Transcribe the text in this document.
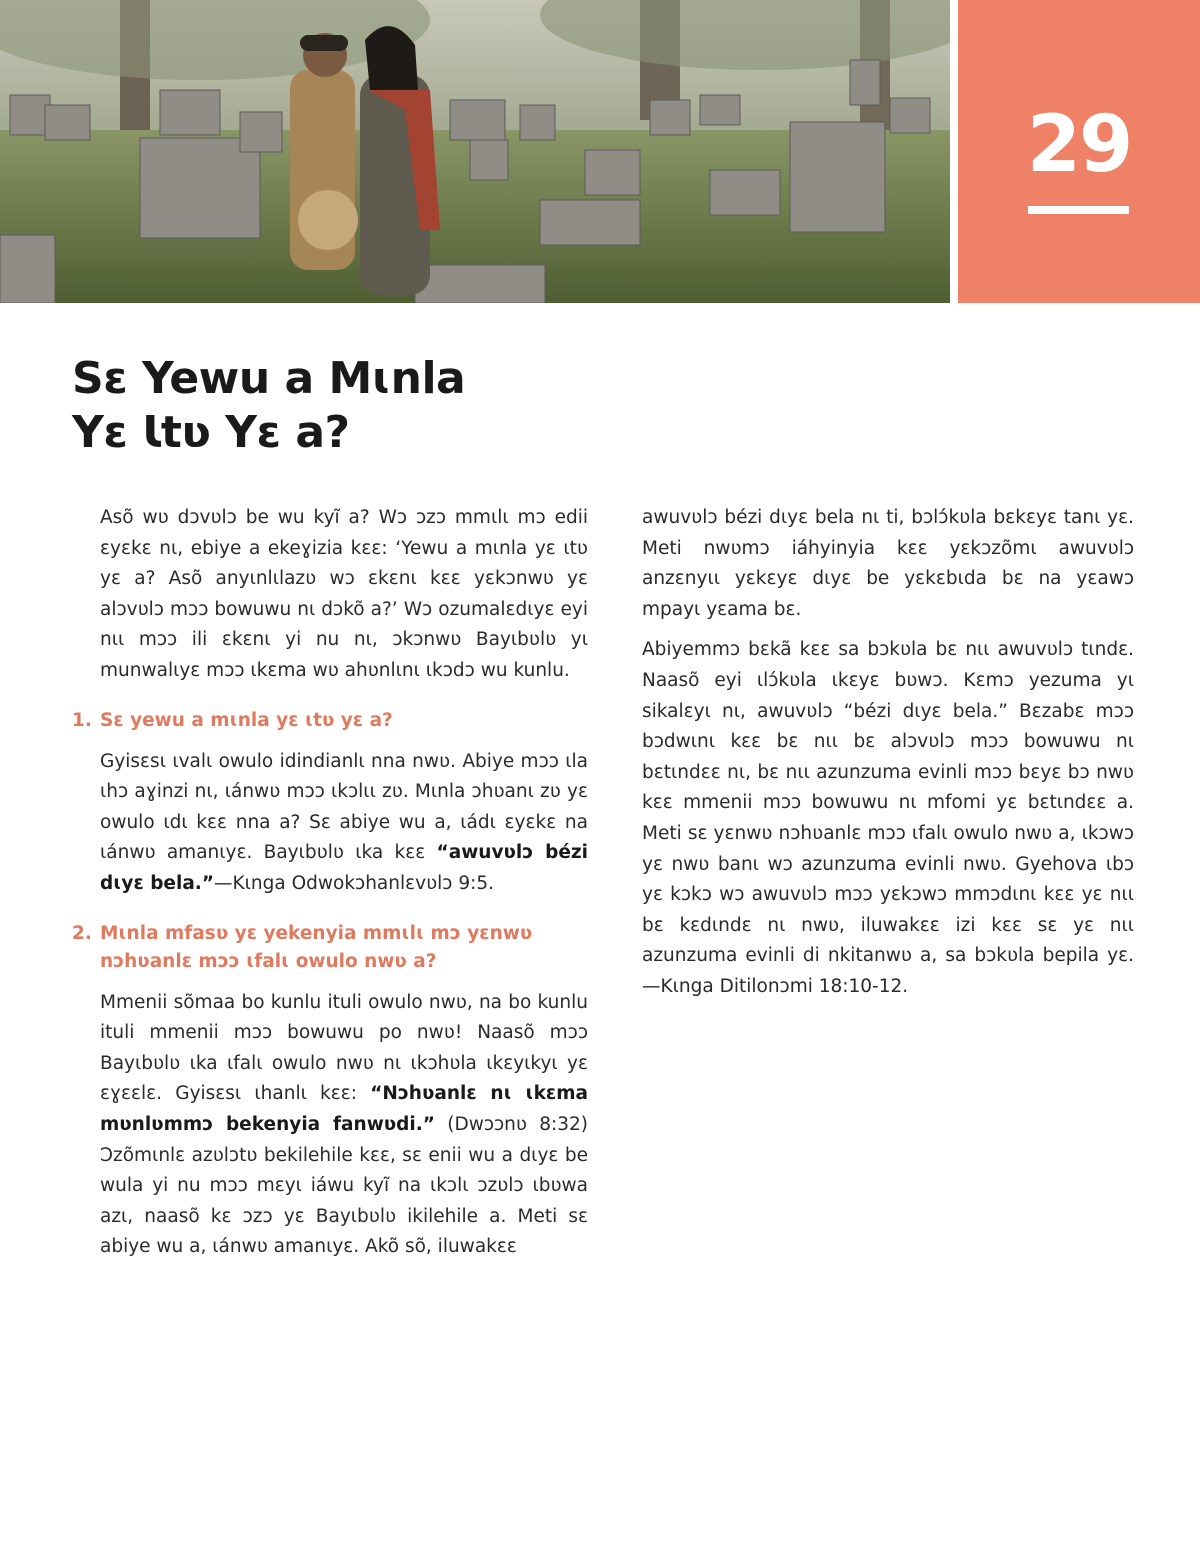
29
Sɛ Yewu a Mɩnla
Yɛ Ɩtʋ Yɛ a?

Asõ wʋ dɔvʋlɔ be wu kyĩ a? Wɔ ɔzɔ mmɩlɩ mɔ edii ɛyɛkɛ nɩ, ebiye a ekeɣizia kɛɛ: ‘Yewu a mɩnla yɛ ɩtʋ yɛ a? Asõ anyɩnlɩlazʋ wɔ ɛkɛnɩ kɛɛ yɛkɔnwʋ yɛ alɔvʋlɔ mɔɔ bowuwu nɩ dɔkõ a?’ Wɔ ozumalɛdɩyɛ eyi nɩɩ mɔɔ ili ɛkɛnɩ yi nu nɩ, ɔkɔnwʋ Bayɩbʋlʋ yɩ munwalɩyɛ mɔɔ ɩkɛma wʋ ahʋnlɩnɩ ɩkɔdɔ wu kunlu.

1. Sɛ yewu a mɩnla yɛ ɩtʋ yɛ a?

Gyisɛsɩ ɩvalɩ owulo idindianlɩ nna nwʋ. Abiye mɔɔ ɩla ɩhɔ aɣinzi nɩ, ɩánwʋ mɔɔ ɩkɔlɩɩ zʋ. Mɩnla ɔhʋanɩ zʋ yɛ owulo ɩdɩ kɛɛ nna a? Sɛ abiye wu a, ɩádɩ ɛyɛkɛ na ɩánwʋ amanɩyɛ. Bayɩbʋlʋ ɩka kɛɛ “awuvʋlɔ bézi dɩyɛ bela.”—Kɩnga Odwokɔhanlɛvʋlɔ 9:5.

2. Mɩnla mfasʋ yɛ yekenyia mmɩlɩ mɔ yɛnwʋ nɔhʋanlɛ mɔɔ ɩfalɩ owulo nwʋ a?

Mmenii sõmaa bo kunlu ituli owulo nwʋ, na bo kunlu ituli mmenii mɔɔ bowuwu po nwʋ! Naasõ mɔɔ Bayɩbʋlʋ ɩka ɩfalɩ owulo nwʋ nɩ ɩkɔhʋla ɩkɛyɩkyɩ yɛ ɛɣɛɛlɛ. Gyisɛsɩ ɩhanlɩ kɛɛ: “Nɔhʋanlɛ nɩ ɩkɛma mʋnlʋmmɔ bekenyia fanwʋdi.” (Dwɔɔnʋ 8:32) Ɔzõmɩnlɛ azʋlɔtʋ bekilehile kɛɛ, sɛ enii wu a dɩyɛ be wula yi nu mɔɔ mɛyɩ iáwu kyĩ na ɩkɔlɩ ɔzʋlɔ ɩbʋwa azɩ, naasõ kɛ ɔzɔ yɛ Bayɩbʋlʋ ikilehile a. Meti sɛ abiye wu a, ɩánwʋ amanɩyɛ. Akõ sõ, iluwakɛɛ

awuvʋlɔ bézi dɩyɛ bela nɩ ti, bɔlɔ́kʋla bɛkɛyɛ tanɩ yɛ. Meti nwʋmɔ iáhyinyia kɛɛ yɛkɔzõmɩ awuvʋlɔ anzɛnyɩɩ yɛkɛyɛ dɩyɛ be yɛkɛbɩda bɛ na yɛawɔ mpayɩ yɛama bɛ.

Abiyemmɔ bɛkã kɛɛ sa bɔkʋla bɛ nɩɩ awuvʋlɔ tɩndɛ. Naasõ eyi ɩlɔ́kʋla ɩkɛyɛ bʋwɔ. Kɛmɔ yezuma yɩ sikalɛyɩ nɩ, awuvʋlɔ “bézi dɩyɛ bela.” Bɛzabɛ mɔɔ bɔdwɩnɩ kɛɛ bɛ nɩɩ bɛ alɔvʋlɔ mɔɔ bowuwu nɩ bɛtɩndɛɛ nɩ, bɛ nɩɩ azunzuma evinli mɔɔ bɛyɛ bɔ nwʋ kɛɛ mmenii mɔɔ bowuwu nɩ mfomi yɛ bɛtɩndɛɛ a. Meti sɛ yɛnwʋ nɔhʋanlɛ mɔɔ ɩfalɩ owulo nwʋ a, ɩkɔwɔ yɛ nwʋ banɩ wɔ azunzuma evinli nwʋ. Gyehova ɩbɔ yɛ kɔkɔ wɔ awuvʋlɔ mɔɔ yɛkɔwɔ mmɔdɩnɩ kɛɛ yɛ nɩɩ bɛ kɛdɩndɛ nɩ nwʋ, iluwakɛɛ izi kɛɛ sɛ yɛ nɩɩ azunzuma evinli di nkitanwʋ a, sa bɔkʋla bepila yɛ.—Kɩnga Ditilonɔmi 18:10-12.
